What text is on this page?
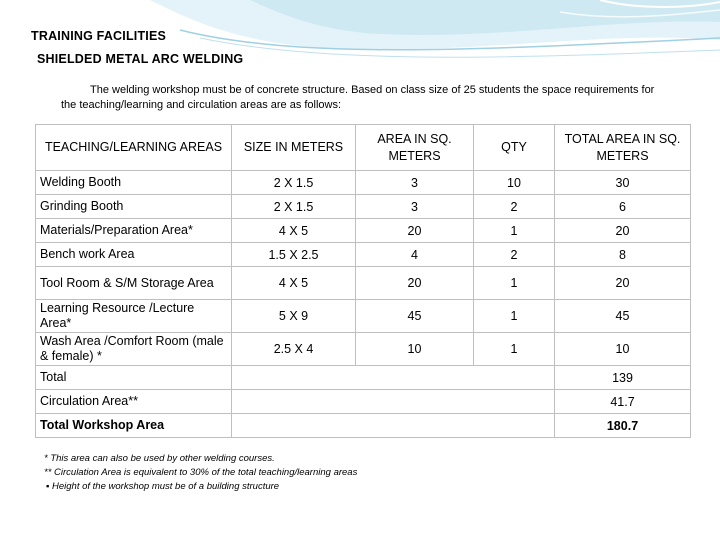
TRAINING FACILITIES
SHIELDED METAL ARC WELDING
The welding workshop must be of concrete structure. Based on class size of 25 students the space requirements for the teaching/learning and circulation areas are as follows:
TEACHING/LEARNING AREAS	SIZE IN METERS	AREA IN SQ. METERS	QTY	TOTAL AREA IN SQ. METERS
Welding Booth	2 X 1.5	3	10	30
Grinding Booth	2 X 1.5	3	2	6
Materials/Preparation Area*	4 X 5	20	1	20
Bench work Area	1.5 X 2.5	4	2	8
Tool Room & S/M Storage Area	4 X 5	20	1	20
Learning Resource /Lecture Area*	5 X 9	45	1	45
Wash Area /Comfort Room (male & female) *	2.5 X 4	10	1	10
Total				139
Circulation Area**				41.7
Total Workshop Area				180.7
* This area can also be used by other welding courses.
** Circulation Area is equivalent to 30% of the total teaching/learning areas
▪ Height of the workshop must be of a building structure
